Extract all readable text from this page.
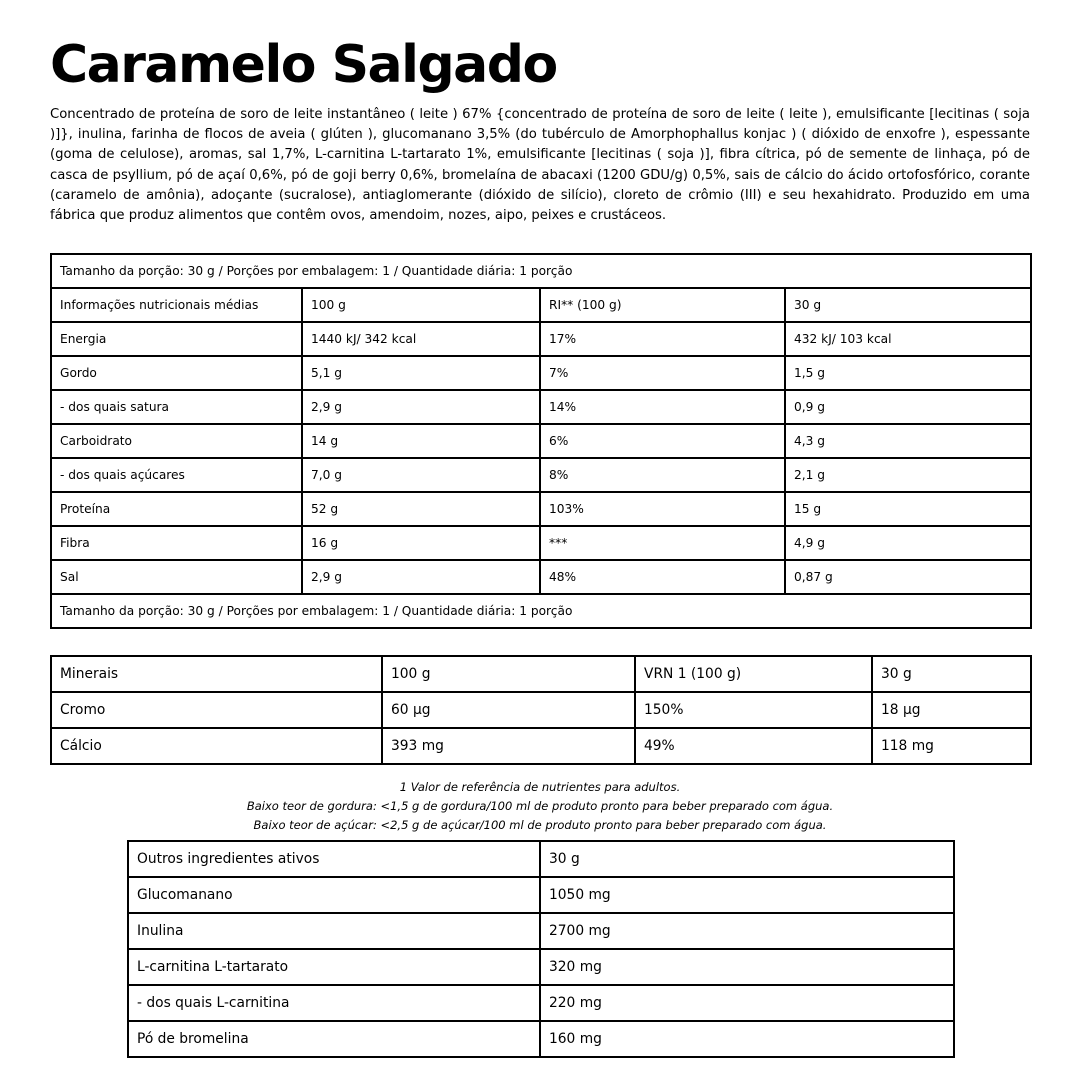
Caramelo Salgado
Concentrado de proteína de soro de leite instantâneo ( leite ) 67% {concentrado de proteína de soro de leite ( leite ), emulsificante [lecitinas ( soja )]}, inulina, farinha de flocos de aveia ( glúten ), glucomanano 3,5% (do tubérculo de Amorphophallus konjac ) ( dióxido de enxofre ), espessante (goma de celulose), aromas, sal 1,7%, L-carnitina L-tartarato 1%, emulsificante [lecitinas ( soja )], fibra cítrica, pó de semente de linhaça, pó de casca de psyllium, pó de açaí 0,6%, pó de goji berry 0,6%, bromelaína de abacaxi (1200 GDU/g) 0,5%, sais de cálcio do ácido ortofosfórico, corante (caramelo de amônia), adoçante (sucralose), antiaglomerante (dióxido de silício), cloreto de crômio (III) e seu hexahidrato. Produzido em uma fábrica que produz alimentos que contêm ovos, amendoim, nozes, aipo, peixes e crustáceos.
Tamanho da porção: 30 g / Porções por embalagem: 1 / Quantidade diária: 1 porção			
Informações nutricionais médias	100 g	RI** (100 g)	30 g
Energia	1440 kJ/ 342 kcal	17%	432 kJ/ 103 kcal
Gordo	5,1 g	7%	1,5 g
- dos quais satura	2,9 g	14%	0,9 g
Carboidrato	14 g	6%	4,3 g
- dos quais açúcares	7,0 g	8%	2,1 g
Proteína	52 g	103%	15 g
Fibra	16 g	***	4,9 g
Sal	2,9 g	48%	0,87 g
Tamanho da porção: 30 g / Porções por embalagem: 1 / Quantidade diária: 1 porção			
Minerais	100 g	VRN 1 (100 g)	30 g
Cromo	60 µg	150%	18 µg
Cálcio	393 mg	49%	118 mg
1 Valor de referência de nutrientes para adultos.
Baixo teor de gordura: <1,5 g de gordura/100 ml de produto pronto para beber preparado com água.
Baixo teor de açúcar: <2,5 g de açúcar/100 ml de produto pronto para beber preparado com água.
Outros ingredientes ativos	30 g
Glucomanano	1050 mg
Inulina	2700 mg
L-carnitina L-tartarato	320 mg
- dos quais L-carnitina	220 mg
Pó de bromelina	160 mg
